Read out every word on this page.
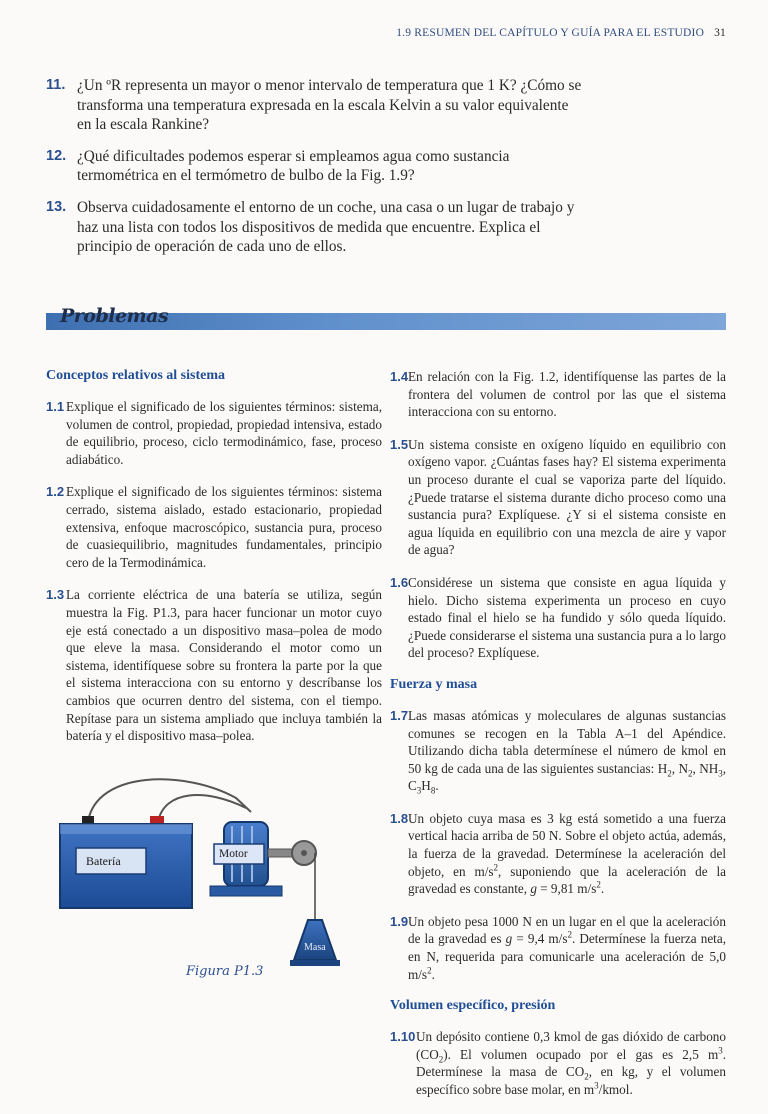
1.9 RESUMEN DEL CAPÍTULO Y GUÍA PARA EL ESTUDIO 31
11. ¿Un ºR representa un mayor o menor intervalo de temperatura que 1 K? ¿Cómo se transforma una temperatura expresada en la escala Kelvin a su valor equivalente en la escala Rankine?
12. ¿Qué dificultades podemos esperar si empleamos agua como sustancia termométrica en el termómetro de bulbo de la Fig. 1.9?
13. Observa cuidadosamente el entorno de un coche, una casa o un lugar de trabajo y haz una lista con todos los dispositivos de medida que encuentre. Explica el principio de operación de cada uno de ellos.
Problemas
Conceptos relativos al sistema
1.1 Explique el significado de los siguientes términos: sistema, volumen de control, propiedad, propiedad intensiva, estado de equilibrio, proceso, ciclo termodinámico, fase, proceso adiabático.
1.2 Explique el significado de los siguientes términos: sistema cerrado, sistema aislado, estado estacionario, propiedad extensiva, enfoque macroscópico, sustancia pura, proceso de cuasiequilibrio, magnitudes fundamentales, principio cero de la Termodinámica.
1.3 La corriente eléctrica de una batería se utiliza, según muestra la Fig. P1.3, para hacer funcionar un motor cuyo eje está conectado a un dispositivo masa–polea de modo que eleve la masa. Considerando el motor como un sistema, identifíquese sobre su frontera la parte por la que el sistema interacciona con su entorno y descríbanse los cambios que ocurren dentro del sistema, con el tiempo. Repítase para un sistema ampliado que incluya también la batería y el dispositivo masa–polea.
Batería	Motor
Masa
Figura P1.3
1.4 En relación con la Fig. 1.2, identifíquense las partes de la frontera del volumen de control por las que el sistema interacciona con su entorno.
1.5 Un sistema consiste en oxígeno líquido en equilibrio con oxígeno vapor. ¿Cuántas fases hay? El sistema experimenta un proceso durante el cual se vaporiza parte del líquido. ¿Puede tratarse el sistema durante dicho proceso como una sustancia pura? Explíquese. ¿Y si el sistema consiste en agua líquida en equilibrio con una mezcla de aire y vapor de agua?
1.6 Considérese un sistema que consiste en agua líquida y hielo. Dicho sistema experimenta un proceso en cuyo estado final el hielo se ha fundido y sólo queda líquido. ¿Puede considerarse el sistema una sustancia pura a lo largo del proceso? Explíquese.
Fuerza y masa
1.7 Las masas atómicas y moleculares de algunas sustancias comunes se recogen en la Tabla A–1 del Apéndice. Utilizando dicha tabla determínese el número de kmol en 50 kg de cada una de las siguientes sustancias: $H_2$, $N_2$, $NH_3$, $C_3H_8$.
1.8 Un objeto cuya masa es 3 kg está sometido a una fuerza vertical hacia arriba de 50 N. Sobre el objeto actúa, además, la fuerza de la gravedad. Determínese la aceleración del objeto, en $m/s^2$, suponiendo que la aceleración de la gravedad es constante, g = 9,81 $m/s^2$.
1.9 Un objeto pesa 1000 N en un lugar en el que la aceleración de la gravedad es g = 9,4 $m/s^2$. Determínese la fuerza neta, en N, requerida para comunicarle una aceleración de 5,0 $m/s^2$.
Volumen específico, presión
1.10 Un depósito contiene 0,3 kmol de gas dióxido de carbono $(CO_2)$. El volumen ocupado por el gas es 2,5 $m^3$. Determínese la masa de $CO_2$, en kg, y el volumen específico sobre base molar, en $m^3$/kmol.
